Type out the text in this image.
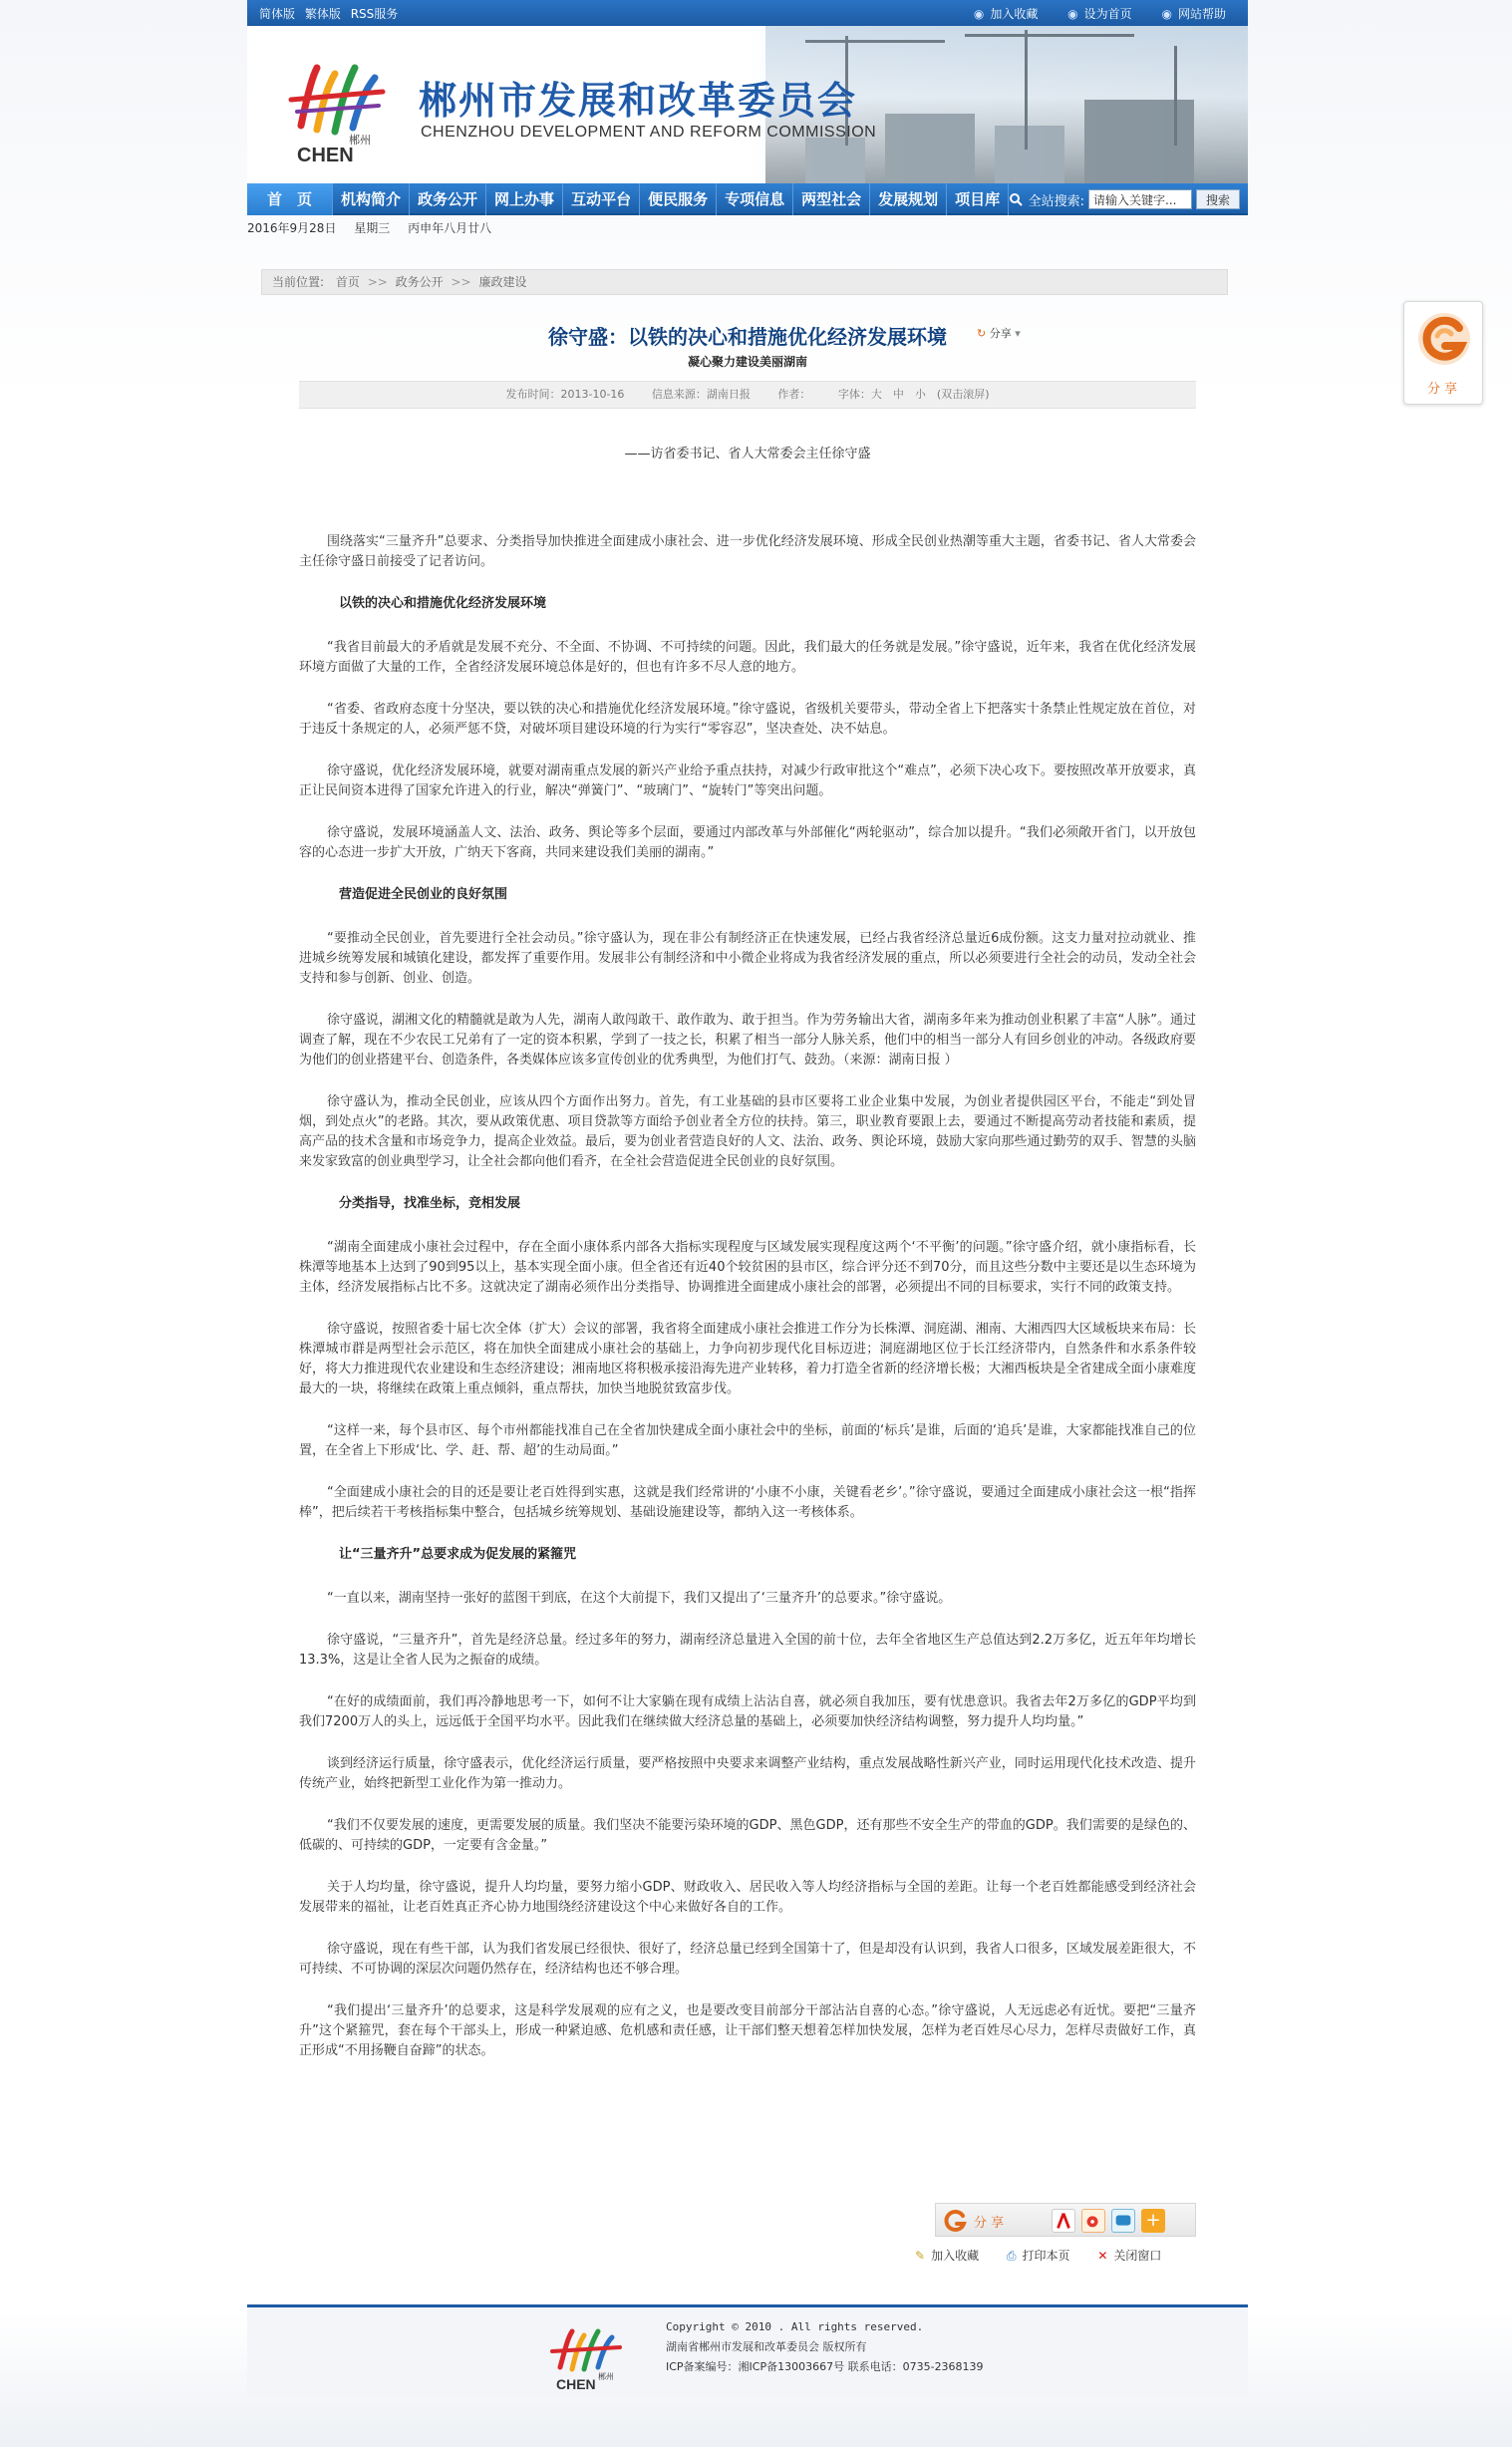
简体版 繁体版 RSS服务	◉ 加入收藏 ◉ 设为首页 ◉ 网站帮助
郴州
CHEN
郴州市发展和改革委员会
CHENZHOU DEVELOPMENT AND REFORM COMMISSION
首　页	机构简介	政务公开	网上办事	互动平台	便民服务	专项信息	两型社会	发展规划	项目库	全站搜索:
请输入关键字...	搜索
2016年9月28日 星期三 丙申年八月廿八
当前位置: 首页 >> 政务公开 >> 廉政建设
徐守盛：以铁的决心和措施优化经济发展环境	↻ 分享 ▾
凝心聚力建设美丽湖南
发布时间：2013-10-16	信息来源：湖南日报	作者：	字体：大　中　小　(双击滚屏)

——访省委书记、省人大常委会主任徐守盛

围绕落实“三量齐升”总要求、分类指导加快推进全面建成小康社会、进一步优化经济发展环境、形成全民创业热潮等重大主题，省委书记、省人大常委会主任徐守盛日前接受了记者访问。

以铁的决心和措施优化经济发展环境

“我省目前最大的矛盾就是发展不充分、不全面、不协调、不可持续的问题。因此，我们最大的任务就是发展。”徐守盛说，近年来，我省在优化经济发展环境方面做了大量的工作，全省经济发展环境总体是好的，但也有许多不尽人意的地方。

“省委、省政府态度十分坚决，要以铁的决心和措施优化经济发展环境。”徐守盛说，省级机关要带头，带动全省上下把落实十条禁止性规定放在首位，对于违反十条规定的人，必须严惩不贷，对破坏项目建设环境的行为实行“零容忍”，坚决查处、决不姑息。

徐守盛说，优化经济发展环境，就要对湖南重点发展的新兴产业给予重点扶持，对减少行政审批这个“难点”，必须下决心攻下。要按照改革开放要求，真正让民间资本进得了国家允许进入的行业，解决“弹簧门”、“玻璃门”、“旋转门”等突出问题。

徐守盛说，发展环境涵盖人文、法治、政务、舆论等多个层面，要通过内部改革与外部催化“两轮驱动”，综合加以提升。“我们必须敞开省门，以开放包容的心态进一步扩大开放，广纳天下客商，共同来建设我们美丽的湖南。”

营造促进全民创业的良好氛围

“要推动全民创业，首先要进行全社会动员。”徐守盛认为，现在非公有制经济正在快速发展，已经占我省经济总量近6成份额。这支力量对拉动就业、推进城乡统筹发展和城镇化建设，都发挥了重要作用。发展非公有制经济和中小微企业将成为我省经济发展的重点，所以必须要进行全社会的动员，发动全社会支持和参与创新、创业、创造。

徐守盛说，湖湘文化的精髓就是敢为人先，湖南人敢闯敢干、敢作敢为、敢于担当。作为劳务输出大省，湖南多年来为推动创业积累了丰富“人脉”。通过调查了解，现在不少农民工兄弟有了一定的资本积累，学到了一技之长，积累了相当一部分人脉关系，他们中的相当一部分人有回乡创业的冲动。各级政府要为他们的创业搭建平台、创造条件，各类媒体应该多宣传创业的优秀典型，为他们打气、鼓劲。（来源：湖南日报 ）

徐守盛认为，推动全民创业，应该从四个方面作出努力。首先，有工业基础的县市区要将工业企业集中发展，为创业者提供园区平台，不能走“到处冒烟，到处点火”的老路。其次，要从政策优惠、项目贷款等方面给予创业者全方位的扶持。第三，职业教育要跟上去，要通过不断提高劳动者技能和素质，提高产品的技术含量和市场竞争力，提高企业效益。最后，要为创业者营造良好的人文、法治、政务、舆论环境，鼓励大家向那些通过勤劳的双手、智慧的头脑来发家致富的创业典型学习，让全社会都向他们看齐，在全社会营造促进全民创业的良好氛围。

分类指导，找准坐标，竞相发展

“湖南全面建成小康社会过程中，存在全面小康体系内部各大指标实现程度与区域发展实现程度这两个‘不平衡’的问题。”徐守盛介绍，就小康指标看，长株潭等地基本上达到了90到95以上，基本实现全面小康。但全省还有近40个较贫困的县市区，综合评分还不到70分，而且这些分数中主要还是以生态环境为主体，经济发展指标占比不多。这就决定了湖南必须作出分类指导、协调推进全面建成小康社会的部署，必须提出不同的目标要求，实行不同的政策支持。

徐守盛说，按照省委十届七次全体（扩大）会议的部署，我省将全面建成小康社会推进工作分为长株潭、洞庭湖、湘南、大湘西四大区域板块来布局：长株潭城市群是两型社会示范区，将在加快全面建成小康社会的基础上，力争向初步现代化目标迈进；洞庭湖地区位于长江经济带内，自然条件和水系条件较好，将大力推进现代农业建设和生态经济建设；湘南地区将积极承接沿海先进产业转移，着力打造全省新的经济增长极；大湘西板块是全省建成全面小康难度最大的一块，将继续在政策上重点倾斜，重点帮扶，加快当地脱贫致富步伐。

“这样一来，每个县市区、每个市州都能找准自己在全省加快建成全面小康社会中的坐标，前面的‘标兵’是谁，后面的‘追兵’是谁，大家都能找准自己的位置，在全省上下形成‘比、学、赶、帮、超’的生动局面。”

“全面建成小康社会的目的还是要让老百姓得到实惠，这就是我们经常讲的‘小康不小康，关键看老乡’。”徐守盛说，要通过全面建成小康社会这一根“指挥棒”，把后续若干考核指标集中整合，包括城乡统筹规划、基础设施建设等，都纳入这一考核体系。

让“三量齐升”总要求成为促发展的紧箍咒

“一直以来，湖南坚持一张好的蓝图干到底，在这个大前提下，我们又提出了‘三量齐升’的总要求。”徐守盛说。

徐守盛说，“三量齐升”，首先是经济总量。经过多年的努力，湖南经济总量进入全国的前十位，去年全省地区生产总值达到2.2万多亿，近五年年均增长13.3%，这是让全省人民为之振奋的成绩。

“在好的成绩面前，我们再冷静地思考一下，如何不让大家躺在现有成绩上沾沾自喜，就必须自我加压，要有忧患意识。我省去年2万多亿的GDP平均到我们7200万人的头上，远远低于全国平均水平。因此我们在继续做大经济总量的基础上，必须要加快经济结构调整，努力提升人均均量。”

谈到经济运行质量，徐守盛表示，优化经济运行质量，要严格按照中央要求来调整产业结构，重点发展战略性新兴产业，同时运用现代化技术改造、提升传统产业，始终把新型工业化作为第一推动力。

“我们不仅要发展的速度，更需要发展的质量。我们坚决不能要污染环境的GDP、黑色GDP，还有那些不安全生产的带血的GDP。我们需要的是绿色的、低碳的、可持续的GDP，一定要有含金量。”

关于人均均量，徐守盛说，提升人均均量，要努力缩小GDP、财政收入、居民收入等人均经济指标与全国的差距。让每一个老百姓都能感受到经济社会发展带来的福祉，让老百姓真正齐心协力地围绕经济建设这个中心来做好各自的工作。

徐守盛说，现在有些干部，认为我们省发展已经很快、很好了，经济总量已经到全国第十了，但是却没有认识到，我省人口很多，区域发展差距很大，不可持续、不可协调的深层次问题仍然存在，经济结构也还不够合理。

“我们提出‘三量齐升’的总要求，这是科学发展观的应有之义，也是要改变目前部分干部沾沾自喜的心态。”徐守盛说，人无远虑必有近忧。要把“三量齐升”这个紧箍咒，套在每个干部头上，形成一种紧迫感、危机感和责任感，让干部们整天想着怎样加快发展，怎样为老百姓尽心尽力，怎样尽责做好工作，真正形成“不用扬鞭自奋蹄”的状态。

分 享	+
✎ 加入收藏 ⎙ 打印本页 ✕ 关闭窗口
郴州
CHEN
Copyright © 2010 . All rights reserved.
湖南省郴州市发展和改革委员会 版权所有
ICP备案编号：湘ICP备13003667号 联系电话：0735-2368139
分享
